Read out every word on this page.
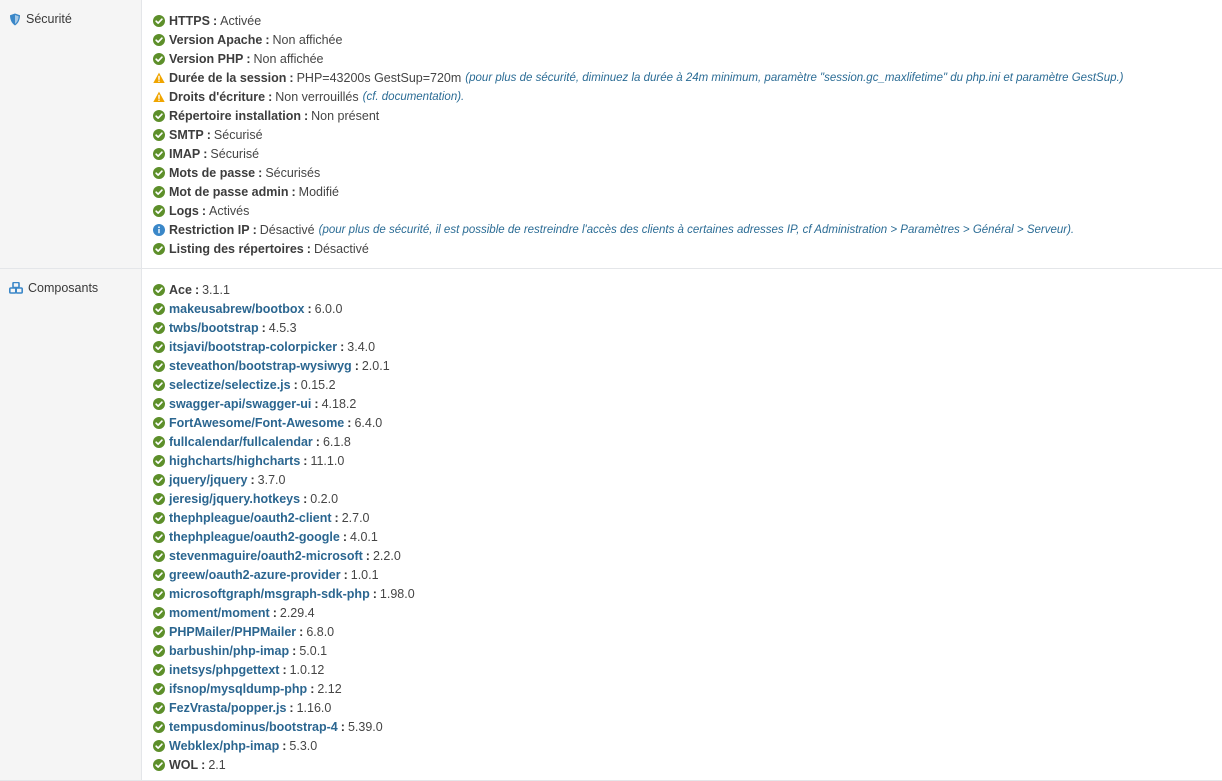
Sécurité	HTTPS : Activée
Version Apache : Non affichée
Version PHP : Non affichée
Durée de la session : PHP=43200s GestSup=720m (pour plus de sécurité, diminuez la durée à 24m minimum, paramètre "session.gc_maxlifetime" du php.ini et paramètre GestSup.)
Droits d'écriture : Non verrouillés (cf. documentation).
Répertoire installation : Non présent
SMTP : Sécurisé
IMAP : Sécurisé
Mots de passe : Sécurisés
Mot de passe admin : Modifié
Logs : Activés
Restriction IP : Désactivé (pour plus de sécurité, il est possible de restreindre l'accès des clients à certaines adresses IP, cf Administration > Paramètres > Général > Serveur).
Listing des répertoires : Désactivé
Composants	Ace : 3.1.1
makeusabrew/bootbox : 6.0.0
twbs/bootstrap : 4.5.3
itsjavi/bootstrap-colorpicker : 3.4.0
steveathon/bootstrap-wysiwyg : 2.0.1
selectize/selectize.js : 0.15.2
swagger-api/swagger-ui : 4.18.2
FortAwesome/Font-Awesome : 6.4.0
fullcalendar/fullcalendar : 6.1.8
highcharts/highcharts : 11.1.0
jquery/jquery : 3.7.0
jeresig/jquery.hotkeys : 0.2.0
thephpleague/oauth2-client : 2.7.0
thephpleague/oauth2-google : 4.0.1
stevenmaguire/oauth2-microsoft : 2.2.0
greew/oauth2-azure-provider : 1.0.1
microsoftgraph/msgraph-sdk-php : 1.98.0
moment/moment : 2.29.4
PHPMailer/PHPMailer : 6.8.0
barbushin/php-imap : 5.0.1
inetsys/phpgettext : 1.0.12
ifsnop/mysqldump-php : 2.12
FezVrasta/popper.js : 1.16.0
tempusdominus/bootstrap-4 : 5.39.0
Webklex/php-imap : 5.3.0
WOL : 2.1
